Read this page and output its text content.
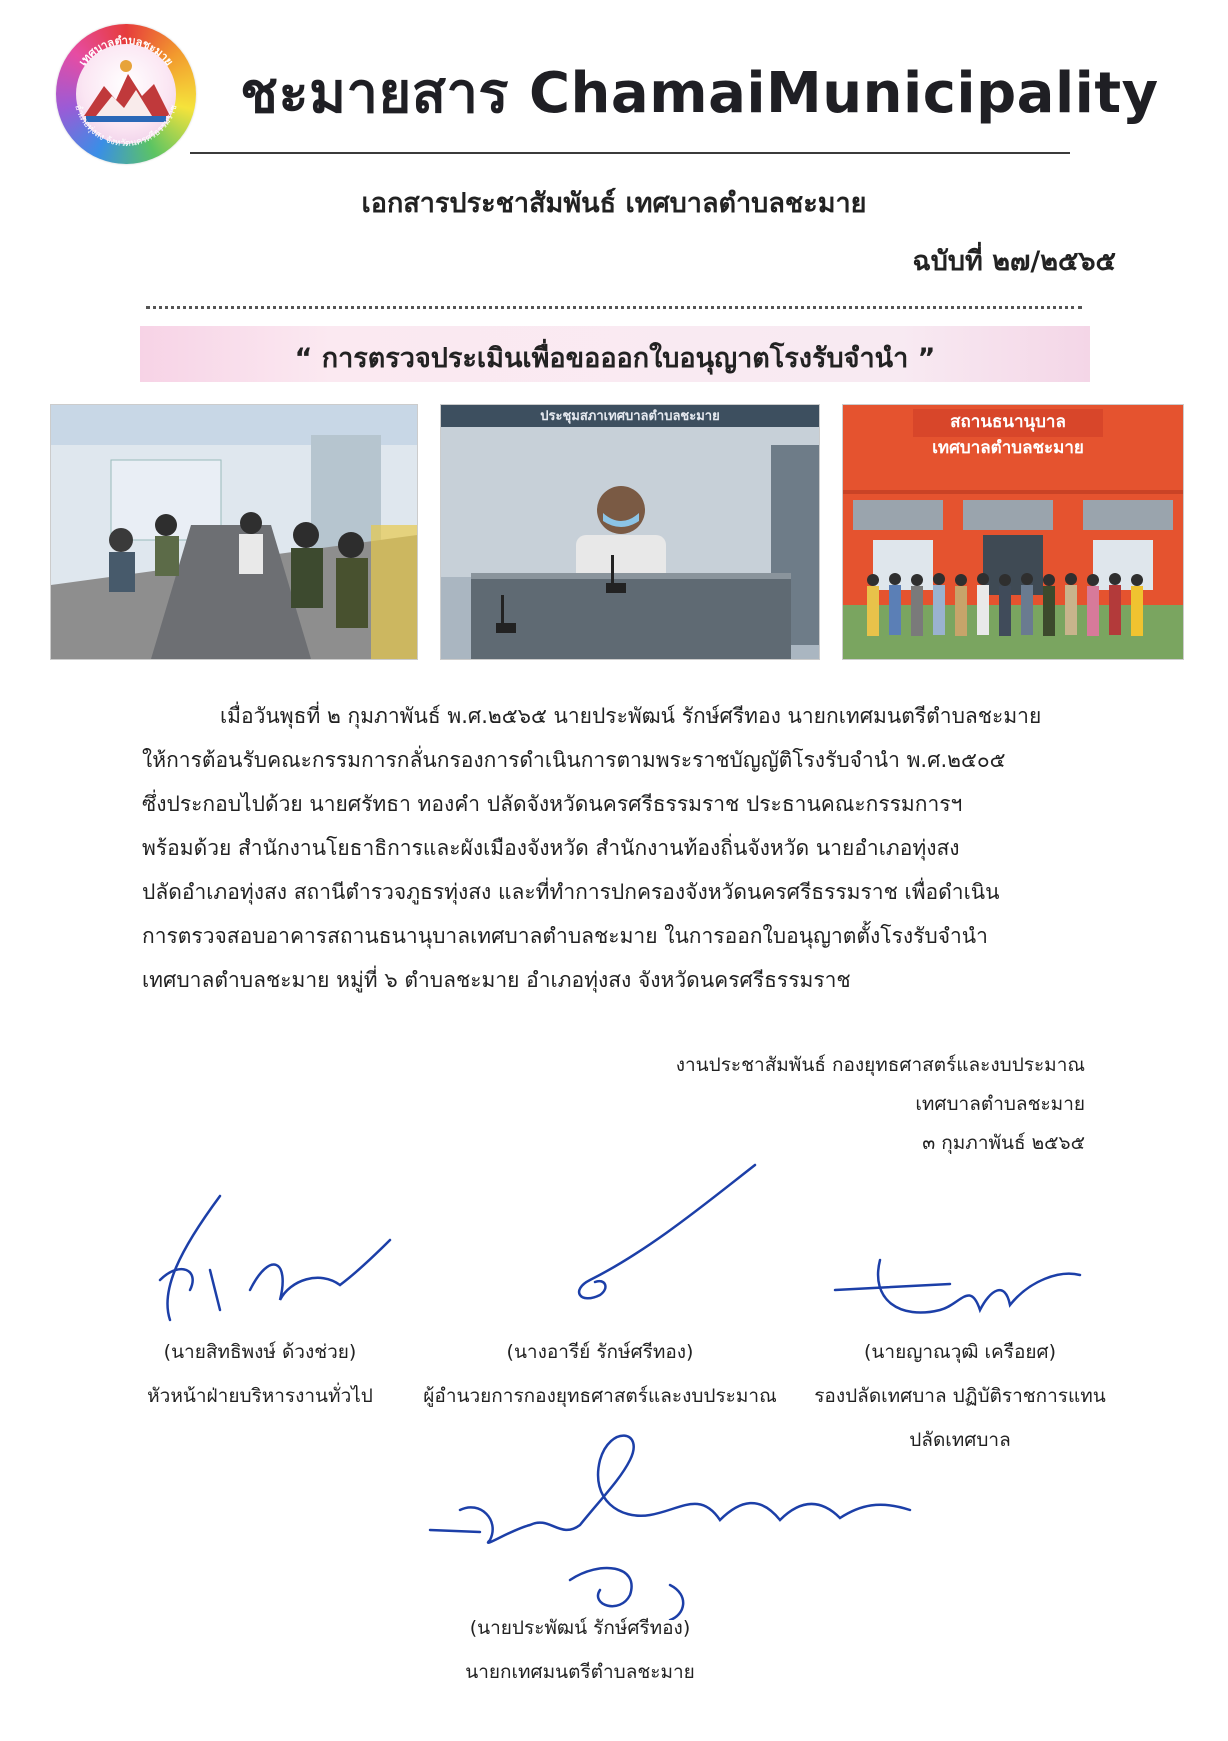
เทศบาลตำบลชะมาย
อำเภอทุ่งสง จังหวัดนครศรีธรรมราช ชะมายสาร ChamaiMunicipality
เอกสารประชาสัมพันธ์ เทศบาลตำบลชะมาย
ฉบับที่ ๒๗/๒๕๖๕
“ การตรวจประเมินเพื่อขอออกใบอนุญาตโรงรับจำนำ ”
ประชุมสภาเทศบาลตำบลชะมาย	สถานธนานุบาล
เทศบาลตำบลชะมาย

เมื่อวันพุธที่ ๒ กุมภาพันธ์ พ.ศ.๒๕๖๕ นายประพัฒน์ รักษ์ศรีทอง นายกเทศมนตรีตำบลชะมาย

ให้การต้อนรับคณะกรรมการกลั่นกรองการดำเนินการตามพระราชบัญญัติโรงรับจำนำ พ.ศ.๒๕๐๕

ซึ่งประกอบไปด้วย นายศรัทธา ทองคำ ปลัดจังหวัดนครศรีธรรมราช ประธานคณะกรรมการฯ

พร้อมด้วย สำนักงานโยธาธิการและผังเมืองจังหวัด สำนักงานท้องถิ่นจังหวัด นายอำเภอทุ่งสง

ปลัดอำเภอทุ่งสง สถานีตำรวจภูธรทุ่งสง และที่ทำการปกครองจังหวัดนครศรีธรรมราช เพื่อดำเนิน

การตรวจสอบอาคารสถานธนานุบาลเทศบาลตำบลชะมาย ในการออกใบอนุญาตตั้งโรงรับจำนำ

เทศบาลตำบลชะมาย หมู่ที่ ๖ ตำบลชะมาย อำเภอทุ่งสง จังหวัดนครศรีธรรมราช

งานประชาสัมพันธ์ กองยุทธศาสตร์และงบประมาณ
เทศบาลตำบลชะมาย
๓ กุมภาพันธ์ ๒๕๖๕
(นายสิทธิพงษ์ ด้วงช่วย)
หัวหน้าฝ่ายบริหารงานทั่วไป
(นางอารีย์ รักษ์ศรีทอง)
ผู้อำนวยการกองยุทธศาสตร์และงบประมาณ
(นายญาณวุฒิ เครือยศ)
รองปลัดเทศบาล ปฏิบัติราชการแทน
ปลัดเทศบาล
(นายประพัฒน์ รักษ์ศรีทอง)
นายกเทศมนตรีตำบลชะมาย
